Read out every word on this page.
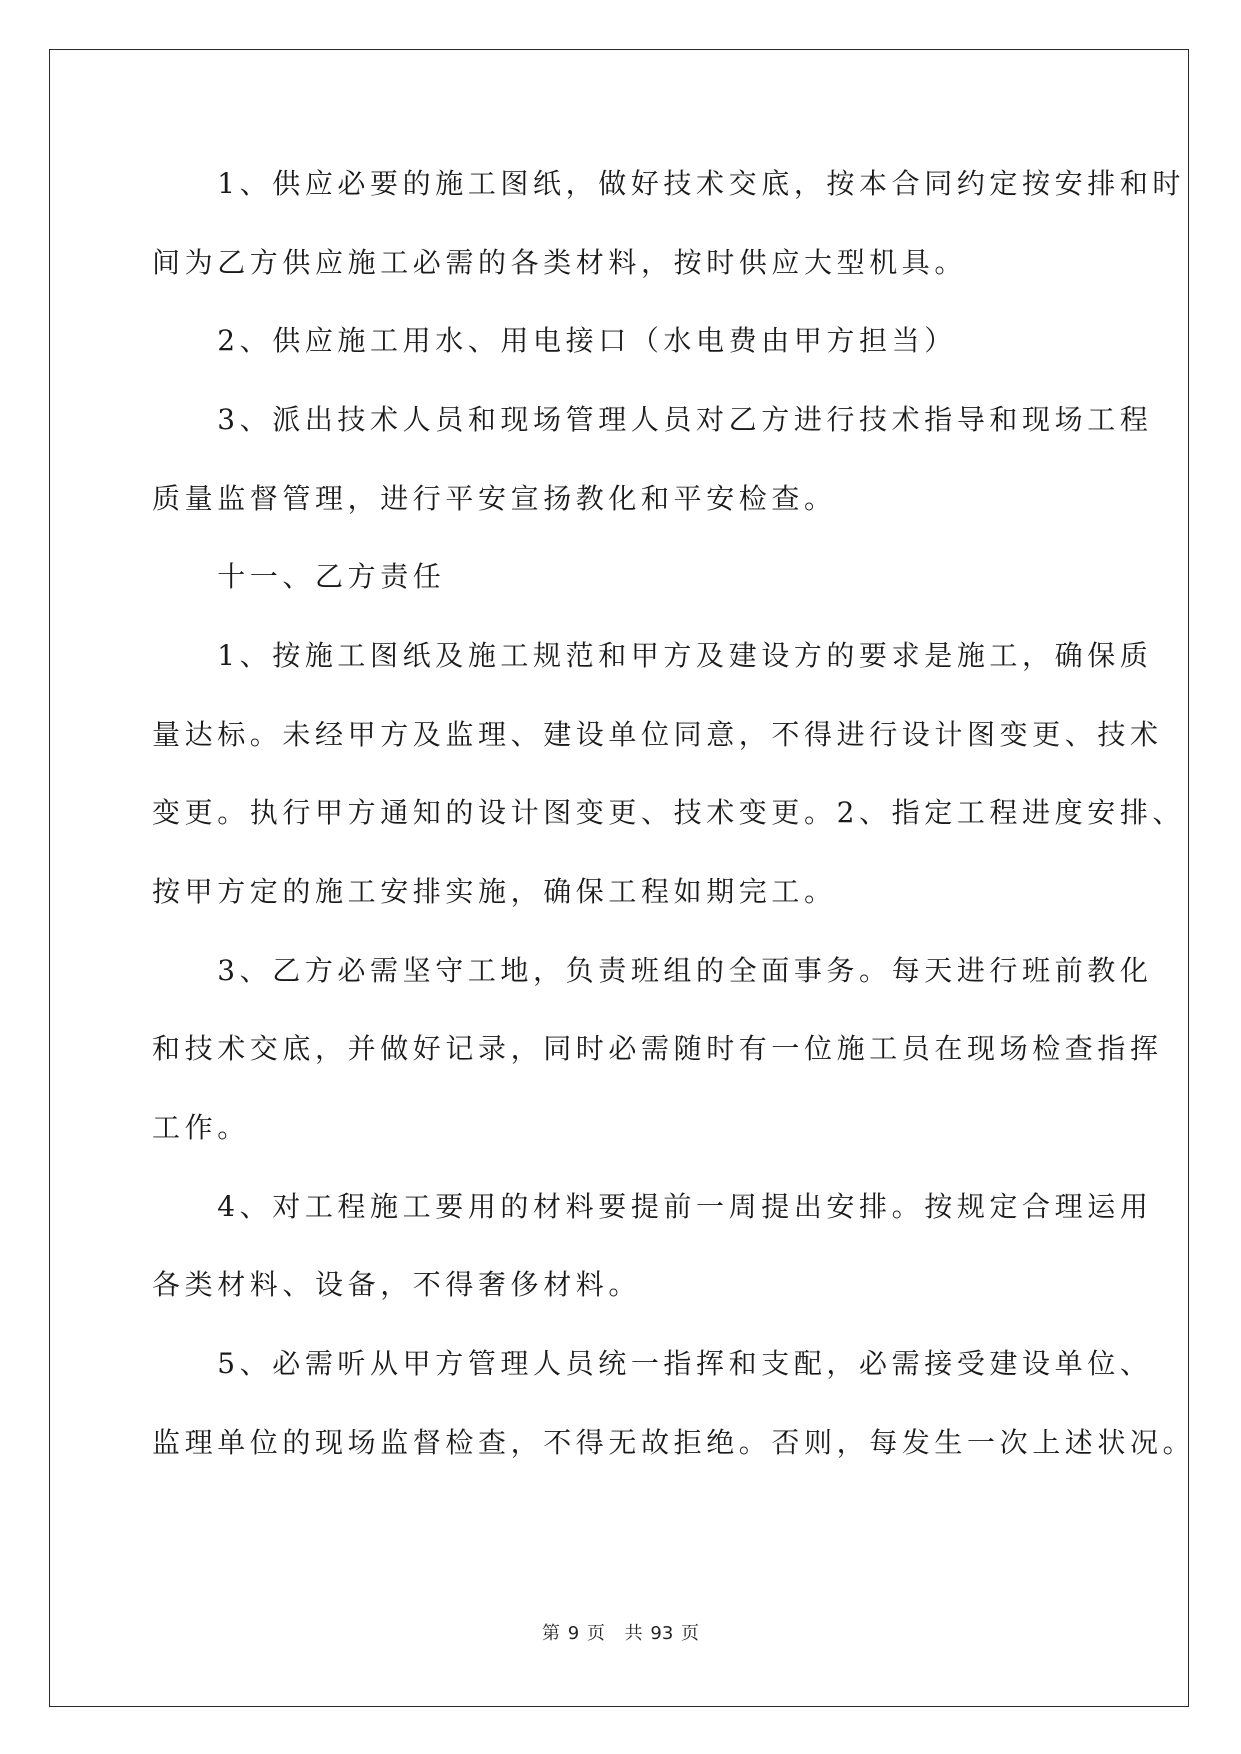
　　1、供应必要的施工图纸，做好技术交底，按本合同约定按安排和时
间为乙方供应施工必需的各类材料，按时供应大型机具。
　　2、供应施工用水、用电接口（水电费由甲方担当）
　　3、派出技术人员和现场管理人员对乙方进行技术指导和现场工程
质量监督管理，进行平安宣扬教化和平安检查。
　　十一、乙方责任
　　1、按施工图纸及施工规范和甲方及建设方的要求是施工，确保质
量达标。未经甲方及监理、建设单位同意，不得进行设计图变更、技术
变更。执行甲方通知的设计图变更、技术变更。2、指定工程进度安排、
按甲方定的施工安排实施，确保工程如期完工。
　　3、乙方必需坚守工地，负责班组的全面事务。每天进行班前教化
和技术交底，并做好记录，同时必需随时有一位施工员在现场检查指挥
工作。
　　4、对工程施工要用的材料要提前一周提出安排。按规定合理运用
各类材料、设备，不得奢侈材料。
　　5、必需听从甲方管理人员统一指挥和支配，必需接受建设单位、
监理单位的现场监督检查，不得无故拒绝。否则，每发生一次上述状况。
第 9 页 共 93 页
